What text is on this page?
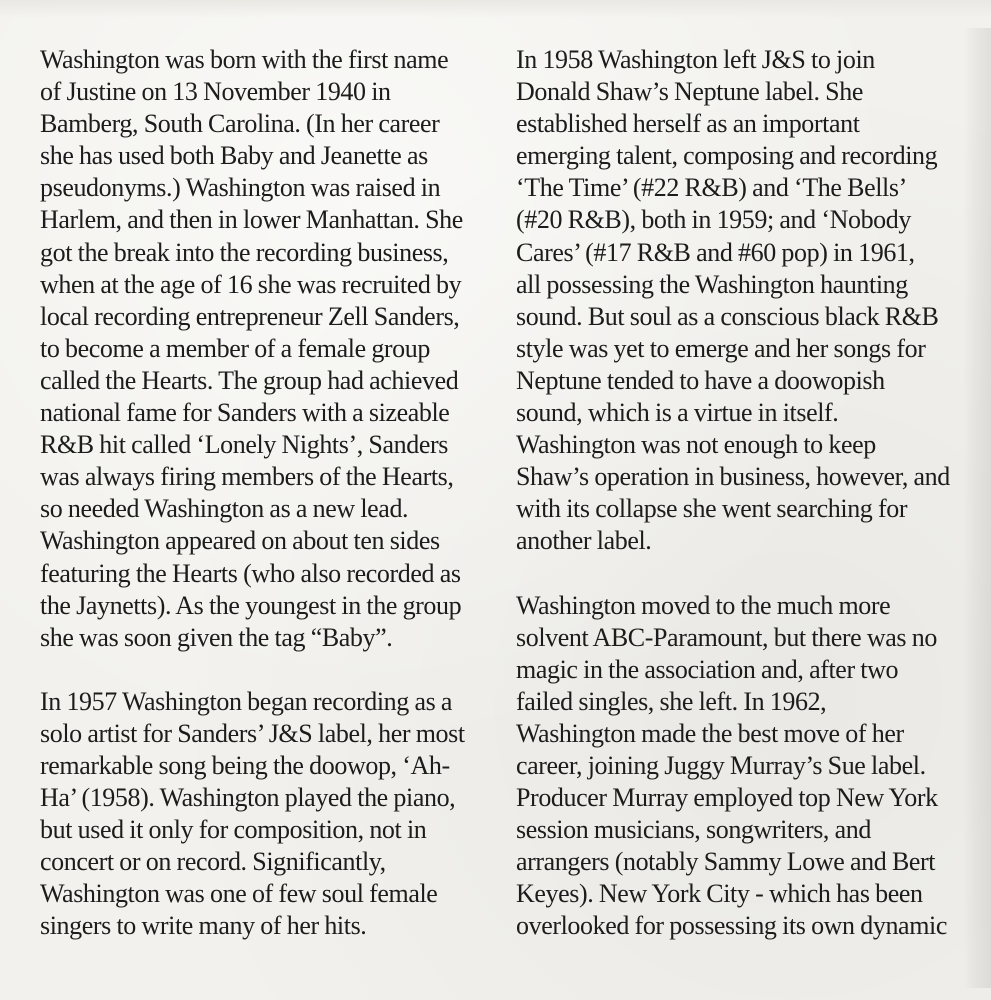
Washington was born with the first name
of Justine on 13 November 1940 in
Bamberg, South Carolina. (In her career
she has used both Baby and Jeanette as
pseudonyms.) Washington was raised in
Harlem, and then in lower Manhattan. She
got the break into the recording business,
when at the age of 16 she was recruited by
local recording entrepreneur Zell Sanders,
to become a member of a female group
called the Hearts. The group had achieved
national fame for Sanders with a sizeable
R&B hit called ‘Lonely Nights’, Sanders
was always firing members of the Hearts,
so needed Washington as a new lead.
Washington appeared on about ten sides
featuring the Hearts (who also recorded as
the Jaynetts). As the youngest in the group
she was soon given the tag “Baby”.

In 1957 Washington began recording as a
solo artist for Sanders’ J&S label, her most
remarkable song being the doowop, ‘Ah-
Ha’ (1958). Washington played the piano,
but used it only for composition, not in
concert or on record. Significantly,
Washington was one of few soul female
singers to write many of her hits.

In 1958 Washington left J&S to join
Donald Shaw’s Neptune label. She
established herself as an important
emerging talent, composing and recording
‘The Time’ (#22 R&B) and ‘The Bells’
(#20 R&B), both in 1959; and ‘Nobody
Cares’ (#17 R&B and #60 pop) in 1961,
all possessing the Washington haunting
sound. But soul as a conscious black R&B
style was yet to emerge and her songs for
Neptune tended to have a doowopish
sound, which is a virtue in itself.
Washington was not enough to keep
Shaw’s operation in business, however, and
with its collapse she went searching for
another label.

Washington moved to the much more
solvent ABC-Paramount, but there was no
magic in the association and, after two
failed singles, she left. In 1962,
Washington made the best move of her
career, joining Juggy Murray’s Sue label.
Producer Murray employed top New York
session musicians, songwriters, and
arrangers (notably Sammy Lowe and Bert
Keyes). New York City - which has been
overlooked for possessing its own dynamic
